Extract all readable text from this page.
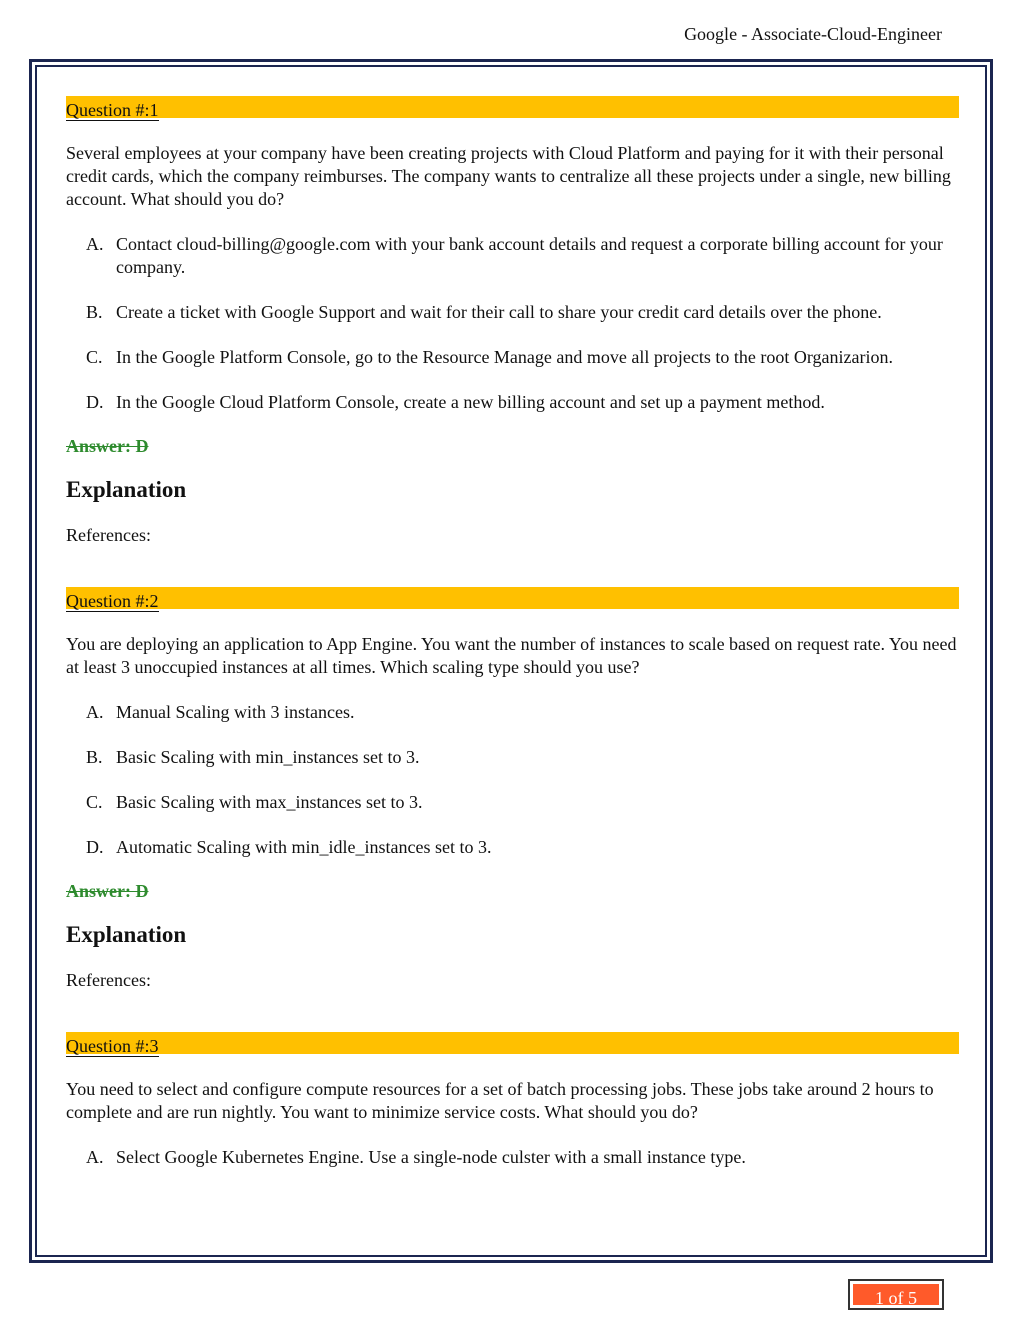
Google - Associate-Cloud-Engineer
Question #:1

Several employees at your company have been creating projects with Cloud Platform and paying for it with their personal credit cards, which the company reimburses. The company wants to centralize all these projects under a single, new billing account. What should you do?

A. Contact cloud-billing@google.com with your bank account details and request a corporate billing account for your company.
B. Create a ticket with Google Support and wait for their call to share your credit card details over the phone.
C. In the Google Platform Console, go to the Resource Manage and move all projects to the root Organizarion.
D. In the Google Cloud Platform Console, create a new billing account and set up a payment method.

Answer: D

Explanation

References:

Question #:2

You are deploying an application to App Engine. You want the number of instances to scale based on request rate. You need at least 3 unoccupied instances at all times. Which scaling type should you use?

A. Manual Scaling with 3 instances.
B. Basic Scaling with min_instances set to 3.
C. Basic Scaling with max_instances set to 3.
D. Automatic Scaling with min_idle_instances set to 3.

Answer: D

Explanation

References:

Question #:3

You need to select and configure compute resources for a set of batch processing jobs. These jobs take around 2 hours to complete and are run nightly. You want to minimize service costs. What should you do?

A. Select Google Kubernetes Engine. Use a single-node culster with a small instance type.
1 of 5
